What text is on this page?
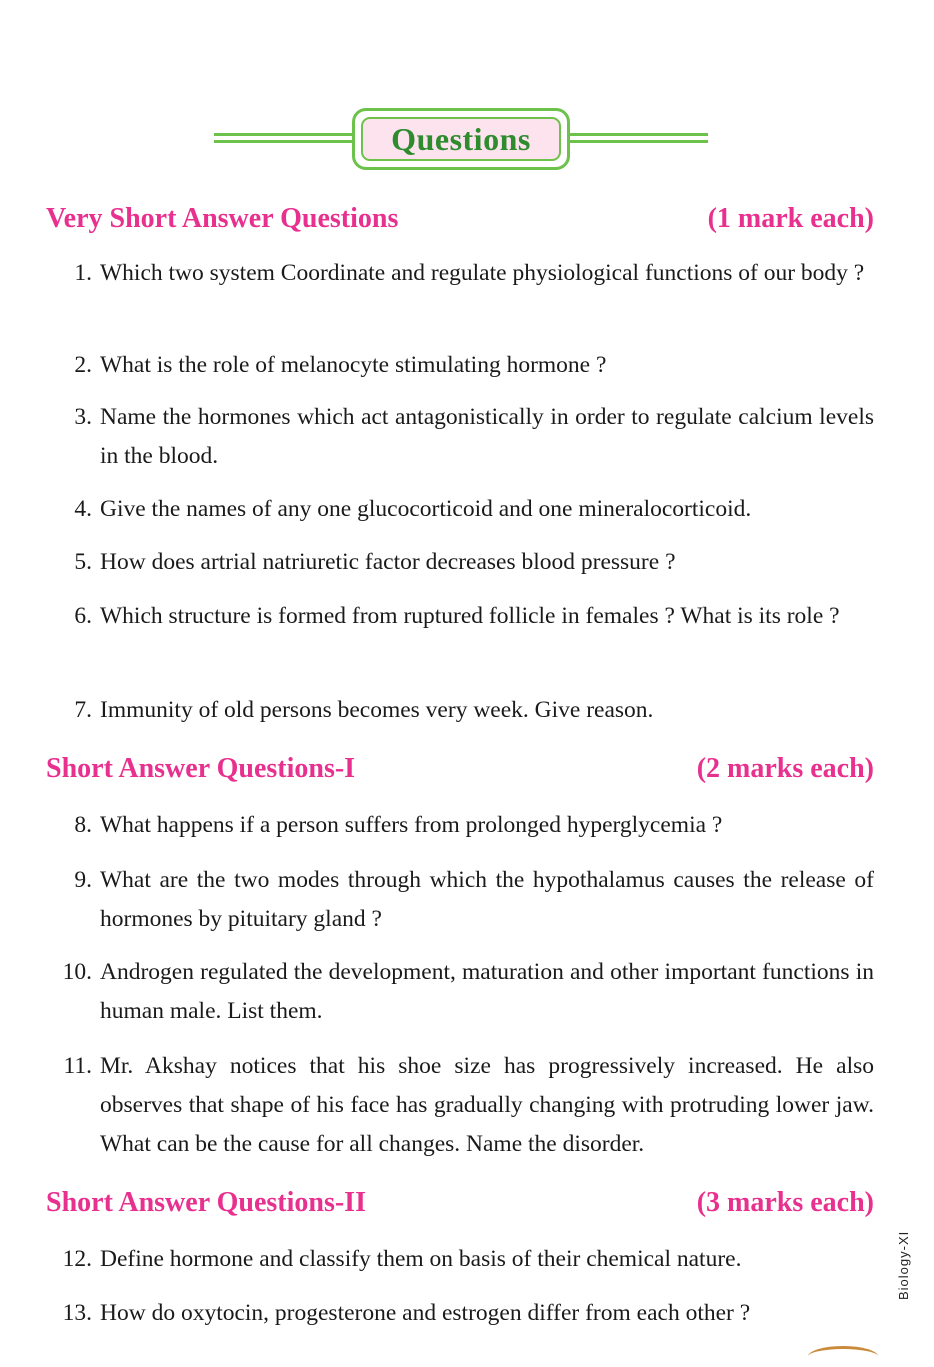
Questions
Very Short Answer Questions	(1 mark each)
1. Which two system Coordinate and regulate physiological functions of our body ?
2. What is the role of melanocyte stimulating hormone ?
3. Name the hormones which act antagonistically in order to regulate calcium levels in the blood.
4. Give the names of any one glucocorticoid and one mineralocorticoid.
5. How does artrial natriuretic factor decreases blood pressure ?
6. Which structure is formed from ruptured follicle in females ? What is its role ?
7. Immunity of old persons becomes very week. Give reason.
Short Answer Questions-I	(2 marks each)
8. What happens if a person suffers from prolonged hyperglycemia ?
9. What are the two modes through which the hypothalamus causes the release of hormones by pituitary gland ?
10. Androgen regulated the development, maturation and other important functions in human male. List them.
11. Mr. Akshay notices that his shoe size has progressively increased. He also observes that shape of his face has gradually changing with protruding lower jaw. What can be the cause for all changes. Name the disorder.
Short Answer Questions-II	(3 marks each)
12. Define hormone and classify them on basis of their chemical nature.
13. How do oxytocin, progesterone and estrogen differ from each other ?
Biology-XI
